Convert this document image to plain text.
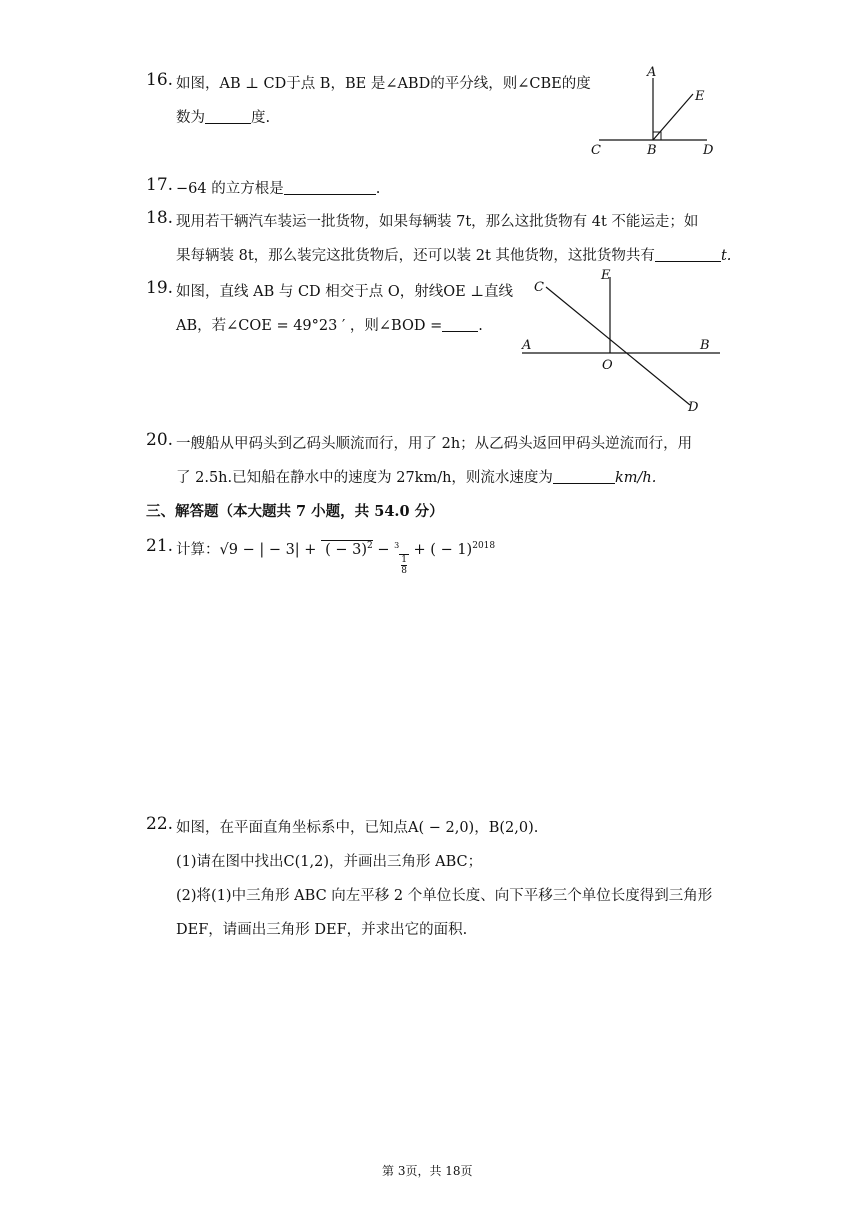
16. 如图，AB ⊥ CD于点 B，BE 是∠ABD的平分线，则∠CBE的度
数为	度.
A
E
C	B	D
17. −64 的立方根是	.
18. 现用若干辆汽车装运一批货物，如果每辆装 7t，那么这批货物有 4t 不能运走；如
果每辆装 8t，那么装完这批货物后，还可以装 2t 其他货物，这批货物共有	t.
19. 如图，直线 AB 与 CD 相交于点 O，射线OE ⊥直线
AB，若∠COE = 49°23 ′ ，则∠BOD = .
C
E
A	B
O
D
20. 一艘船从甲码头到乙码头顺流而行，用了 2h；从乙码头返回甲码头逆流而行，用
了 2.5h.已知船在静水中的速度为 27km/h，则流水速度为	km/h.
三、解答题（本大题共 7 小题，共 54.0 分）
21. 计算：√9 − | − 3| + ( − 3)$^2$ − $^3$
$\frac{1}{8}$
+ ( − 1)$^{2018}$
22. 如图，在平面直角坐标系中，已知点A( − 2,0)，B(2,0).
(1)请在图中找出C(1,2)，并画出三角形 ABC；
(2)将(1)中三角形 ABC 向左平移 2 个单位长度、向下平移三个单位长度得到三角形
DEF，请画出三角形 DEF，并求出它的面积.
第 3页，共 18页
